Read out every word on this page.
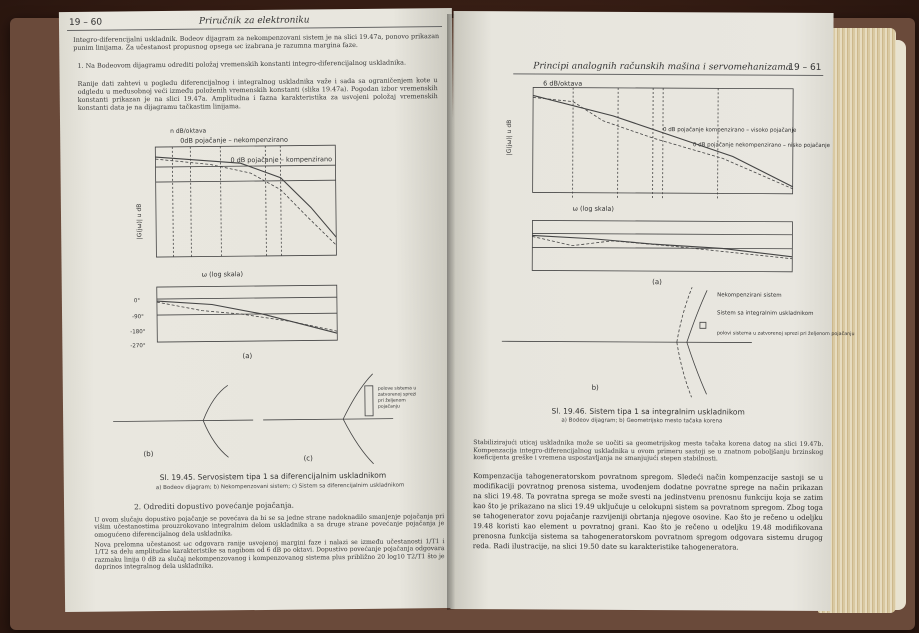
19 – 60	Priručnik za elektroniku
Integro-diferencijalni uskladnik. Bodeov dijagram za nekompenzovani sistem je na slici 19.47a, ponovo prikazan punim linijama. Za učestanost propusnog opsega ωc izabrana je razumna margina faze.
1. Na Bodeovom dijagramu odrediti položaj vremenskih konstanti integro-diferencijalnog uskladnika.
Ranije dati zahtevi u pogledu diferencijalnog i integralnog uskladnika važe i sada sa ograničenjem kote u odgledu u međusobnoj veći između položenih vremenskih konstanti (slika 19.47a). Pogodan izbor vremenskih konstanti prikazan je na slici 19.47a. Amplitudna i fazna karakteristika za usvojeni položaj vremenskih konstanti data je na dijagramu tačkastim linijama.
n dB/oktava
0dB pojačanje – nekompenzirano
0 dB pojačanje – kompenzirano
|G(jω)| u dB
ω (log skala)
0°
-90°
-180°
-270°
(a)
(b)
(c)
polove sistema u zatvorenoj sprezi pri željenom pojačanju
Sl. 19.45. Servosistem tipa 1 sa diferencijalnim uskladnikom
a) Bodeov dijagram; b) Nekompenzovani sistem; c) Sistem sa diferencijalnim uskladnikom
2. Odrediti dopustivo povećanje pojačanja.
U ovom slučaju dopustivo pojačanje se povećava da bi se sa jedne strane nadoknadilo smanjenje pojačanja pri višim učestanostima prouzrokovano integralnim delom uskladnika a sa druge strane povećanje pojačanja je omogućeno diferencijalnog dela uskladnika.
Nova prelomna učestanost ωc odgovara ranije usvojenoj margini faze i nalazi se između učestanosti 1/T1 i 1/T2 sa delu amplitudne karakteristike sa nagibom od 6 dB po oktavi. Dopustivo povećanje pojačanja odgovara razmaku linija 0 dB za slučaj nekompenzovanog i kompenzovanog sistema plus približno 20 log10 T2/T1 što je doprinos integralnog dela uskladnika.
Principi analognih računskih mašina i servomehanizama
19 – 61
6 dB/oktava
|G(jω)| u dB	0 dB pojačanje kompenzirano – visoko pojačanje
0 dB pojačanje nekompenzirano – nisko pojačanje
ω (log skala)
(a)
Nekompenzirani sistem
Sistem sa integralnim uskladnikom
polovi sistema u zatvorenoj sprezi pri željenom pojačanju
b)
Sl. 19.46. Sistem tipa 1 sa integralnim uskladnikom
a) Bodeov dijagram; b) Geometrijsko mesto tačaka korena
Stabilizirajući uticaj uskladnika može se uočiti sa geometrijskog mesta tačaka korena datog na slici 19.47b. Kompenzacija integro-diferencijalnog uskladnika u ovom primeru sastoji se u znatnom poboljšanju brzinskog koeficijenta greške i vremena uspostavljanja ne smanjujući stepen stabilnosti.
Kompenzacija tahogeneratorskom povratnom spregom. Sledeći način kompenzacije sastoji se u modifikaciji povratnog prenosa sistema, uvođenjem dodatne povratne sprege na način prikazan na slici 19.48. Ta povratna sprega se može svesti na jedinstvenu prenosnu funkciju koja se zatim kao što je prikazano na slici 19.49 uključuje u celokupni sistem sa povratnom spregom. Zbog toga se tahogenerator zovu pojačanje razvijeniji obrtanja njegove osovine. Kao što je rečeno u odeljku 19.48 koristi kao element u povratnoj grani. Kao što je rečeno u odeljku 19.48 modifikovana prenosna funkcija sistema sa tahogeneratorskom povratnom spregom odgovara sistemu drugog reda. Radi ilustracije, na slici 19.50 date su karakteristike tahogeneratora.
